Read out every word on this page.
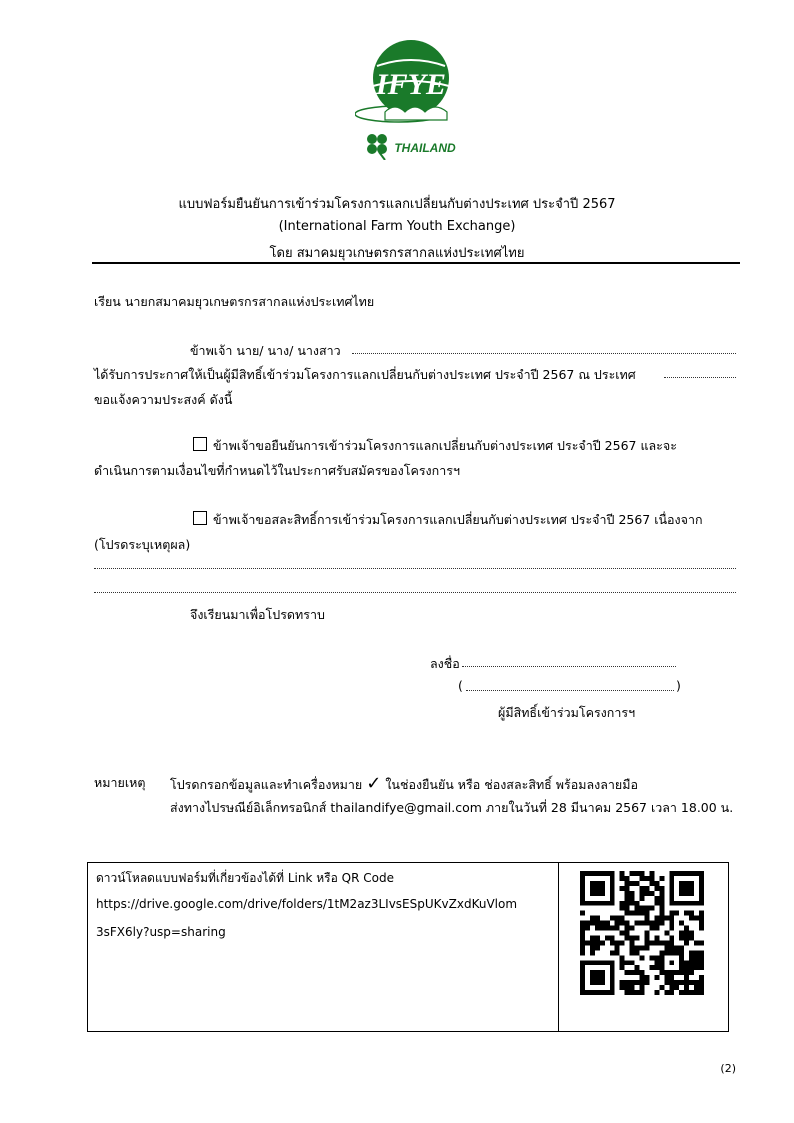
IFYE
THAILAND
แบบฟอร์มยืนยันการเข้าร่วมโครงการแลกเปลี่ยนกับต่างประเทศ ประจำปี 2567
(International Farm Youth Exchange)
โดย สมาคมยุวเกษตรกรสากลแห่งประเทศไทย
เรียน นายกสมาคมยุวเกษตรกรสากลแห่งประเทศไทย
ข้าพเจ้า นาย/ นาง/ นางสาว
ได้รับการประกาศให้เป็นผู้มีสิทธิ์เข้าร่วมโครงการแลกเปลี่ยนกับต่างประเทศ ประจำปี 2567 ณ ประเทศ
ขอแจ้งความประสงค์ ดังนี้
ข้าพเจ้าขอยืนยันการเข้าร่วมโครงการแลกเปลี่ยนกับต่างประเทศ ประจำปี 2567 และจะ
ดำเนินการตามเงื่อนไขที่กำหนดไว้ในประกาศรับสมัครของโครงการฯ
ข้าพเจ้าขอสละสิทธิ์การเข้าร่วมโครงการแลกเปลี่ยนกับต่างประเทศ ประจำปี 2567 เนื่องจาก
(โปรดระบุเหตุผล)
จึงเรียนมาเพื่อโปรดทราบ
ลงชื่อ
(	)
ผู้มีสิทธิ์เข้าร่วมโครงการฯ
หมายเหตุ โปรดกรอกข้อมูลและทำเครื่องหมาย ✓ ในช่องยืนยัน หรือ ช่องสละสิทธิ์ พร้อมลงลายมือ
ส่งทางไปรษณีย์อิเล็กทรอนิกส์ thailandifye@gmail.com ภายในวันที่ 28 มีนาคม 2567 เวลา 18.00 น.
ดาวน์โหลดแบบฟอร์มที่เกี่ยวข้องได้ที่ Link หรือ QR Code
https://drive.google.com/drive/folders/1tM2az3LIvsESpUKvZxdKuVlom
3sFX6ly?usp=sharing
(2)
